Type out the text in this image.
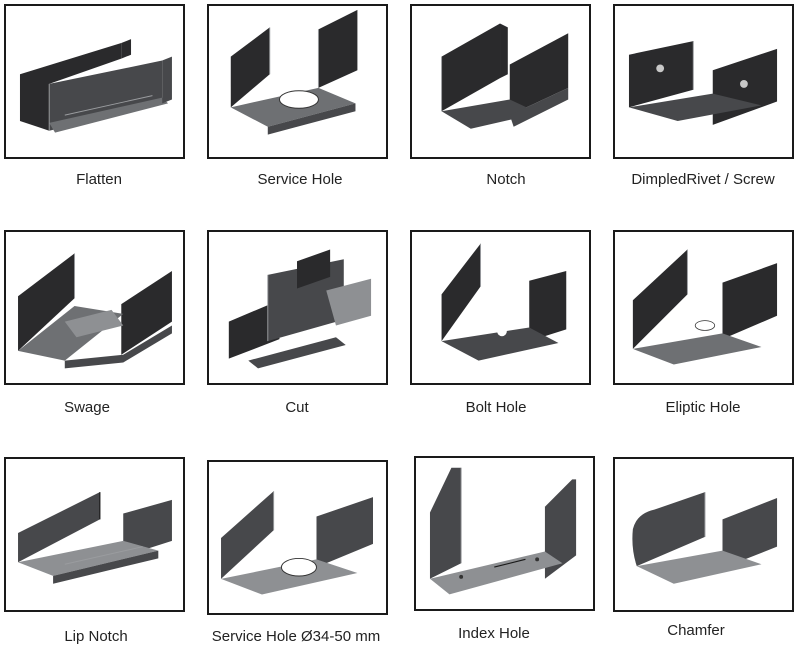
Flatten	Service Hole	Notch	DimpledRivet / Screw
Swage	Cut	Bolt Hole	Eliptic Hole
Lip Notch	Service Hole Ø34-50 mm	Index Hole	Chamfer
